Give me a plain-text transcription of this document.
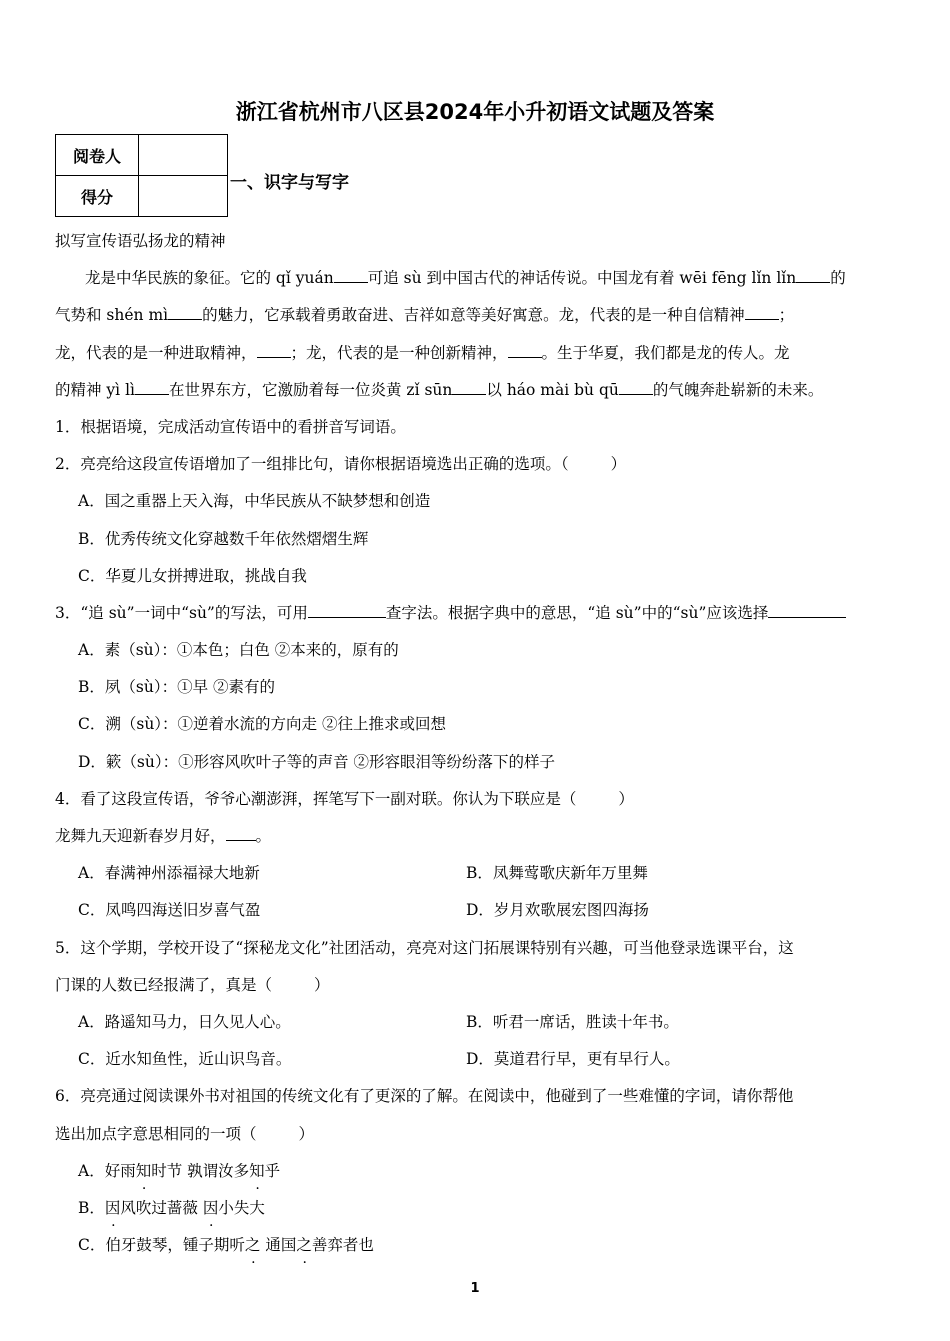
浙江省杭州市八区县2024年小升初语文试题及答案
阅卷人	
得分	
一、识字与写字
拟写宣传语弘扬龙的精神
龙是中华民族的象征。它的 qǐ yuán 可追 sù 到中国古代的神话传说。中国龙有着 wēi fēng lǐn lǐn 的
气势和 shén mì 的魅力，它承载着勇敢奋进、吉祥如意等美好寓意。龙，代表的是一种自信精神 ；
龙，代表的是一种进取精神， ；龙，代表的是一种创新精神， 。生于华夏，我们都是龙的传人。龙
的精神 yì lì 在世界东方，它激励着每一位炎黄 zǐ sūn 以 háo mài bù qū 的气魄奔赴崭新的未来。
1．根据语境，完成活动宣传语中的看拼音写词语。
2．亮亮给这段宣传语增加了一组排比句，请你根据语境选出正确的选项。（	）
A．国之重器上天入海，中华民族从不缺梦想和创造
B．优秀传统文化穿越数千年依然熠熠生辉
C．华夏儿女拼搏进取，挑战自我
3．“追 sù”一词中“sù”的写法，可用	查字法。根据字典中的意思，“追 sù”中的“sù”应该选择
A．素（sù）：①本色；白色 ②本来的，原有的
B．夙（sù）：①早 ②素有的
C．溯（sù）：①逆着水流的方向走 ②往上推求或回想
D．簌（sù）：①形容风吹叶子等的声音 ②形容眼泪等纷纷落下的样子
4．看了这段宣传语，爷爷心潮澎湃，挥笔写下一副对联。你认为下联应是（	）
龙舞九天迎新春岁月好， 。
A．春满神州添福禄大地新	B．凤舞莺歌庆新年万里舞
C．凤鸣四海送旧岁喜气盈	D．岁月欢歌展宏图四海扬
5．这个学期，学校开设了“探秘龙文化”社团活动，亮亮对这门拓展课特别有兴趣，可当他登录选课平台，这
门课的人数已经报满了，真是（	）
A．路遥知马力，日久见人心。	B．听君一席话，胜读十年书。
C．近水知鱼性，近山识鸟音。	D．莫道君行早，更有早行人。
6．亮亮通过阅读课外书对祖国的传统文化有了更深的了解。在阅读中，他碰到了一些难懂的字词，请你帮他
选出加点字意思相同的一项（	）
A．好雨知时节 孰谓汝多知乎
B．因风吹过蔷薇 因小失大
C．伯牙鼓琴，锺子期听之 通国之善弈者也
1
